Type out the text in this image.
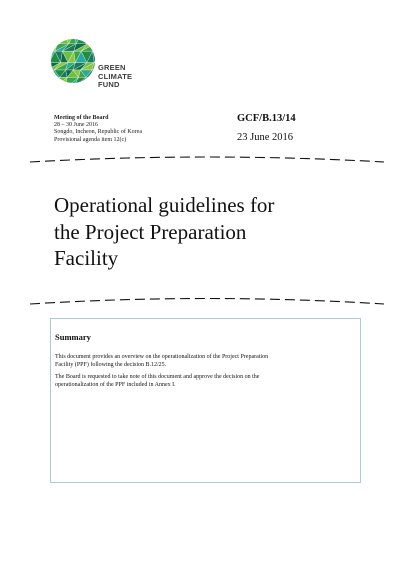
GREEN
CLIMATE
FUND
Meeting of the Board
28 – 30 June 2016
Songdo, Incheon, Republic of Korea
Provisional agenda item 12(c)
GCF/B.13/14
23 June 2016
Operational guidelines for
the Project Preparation
Facility
Summary

This document provides an overview on the operationalization of the Project Preparation
Facility (PPF) following the decision B.12/25.

The Board is requested to take note of this document and approve the decision on the
operationalization of the PPF included in Annex I.
